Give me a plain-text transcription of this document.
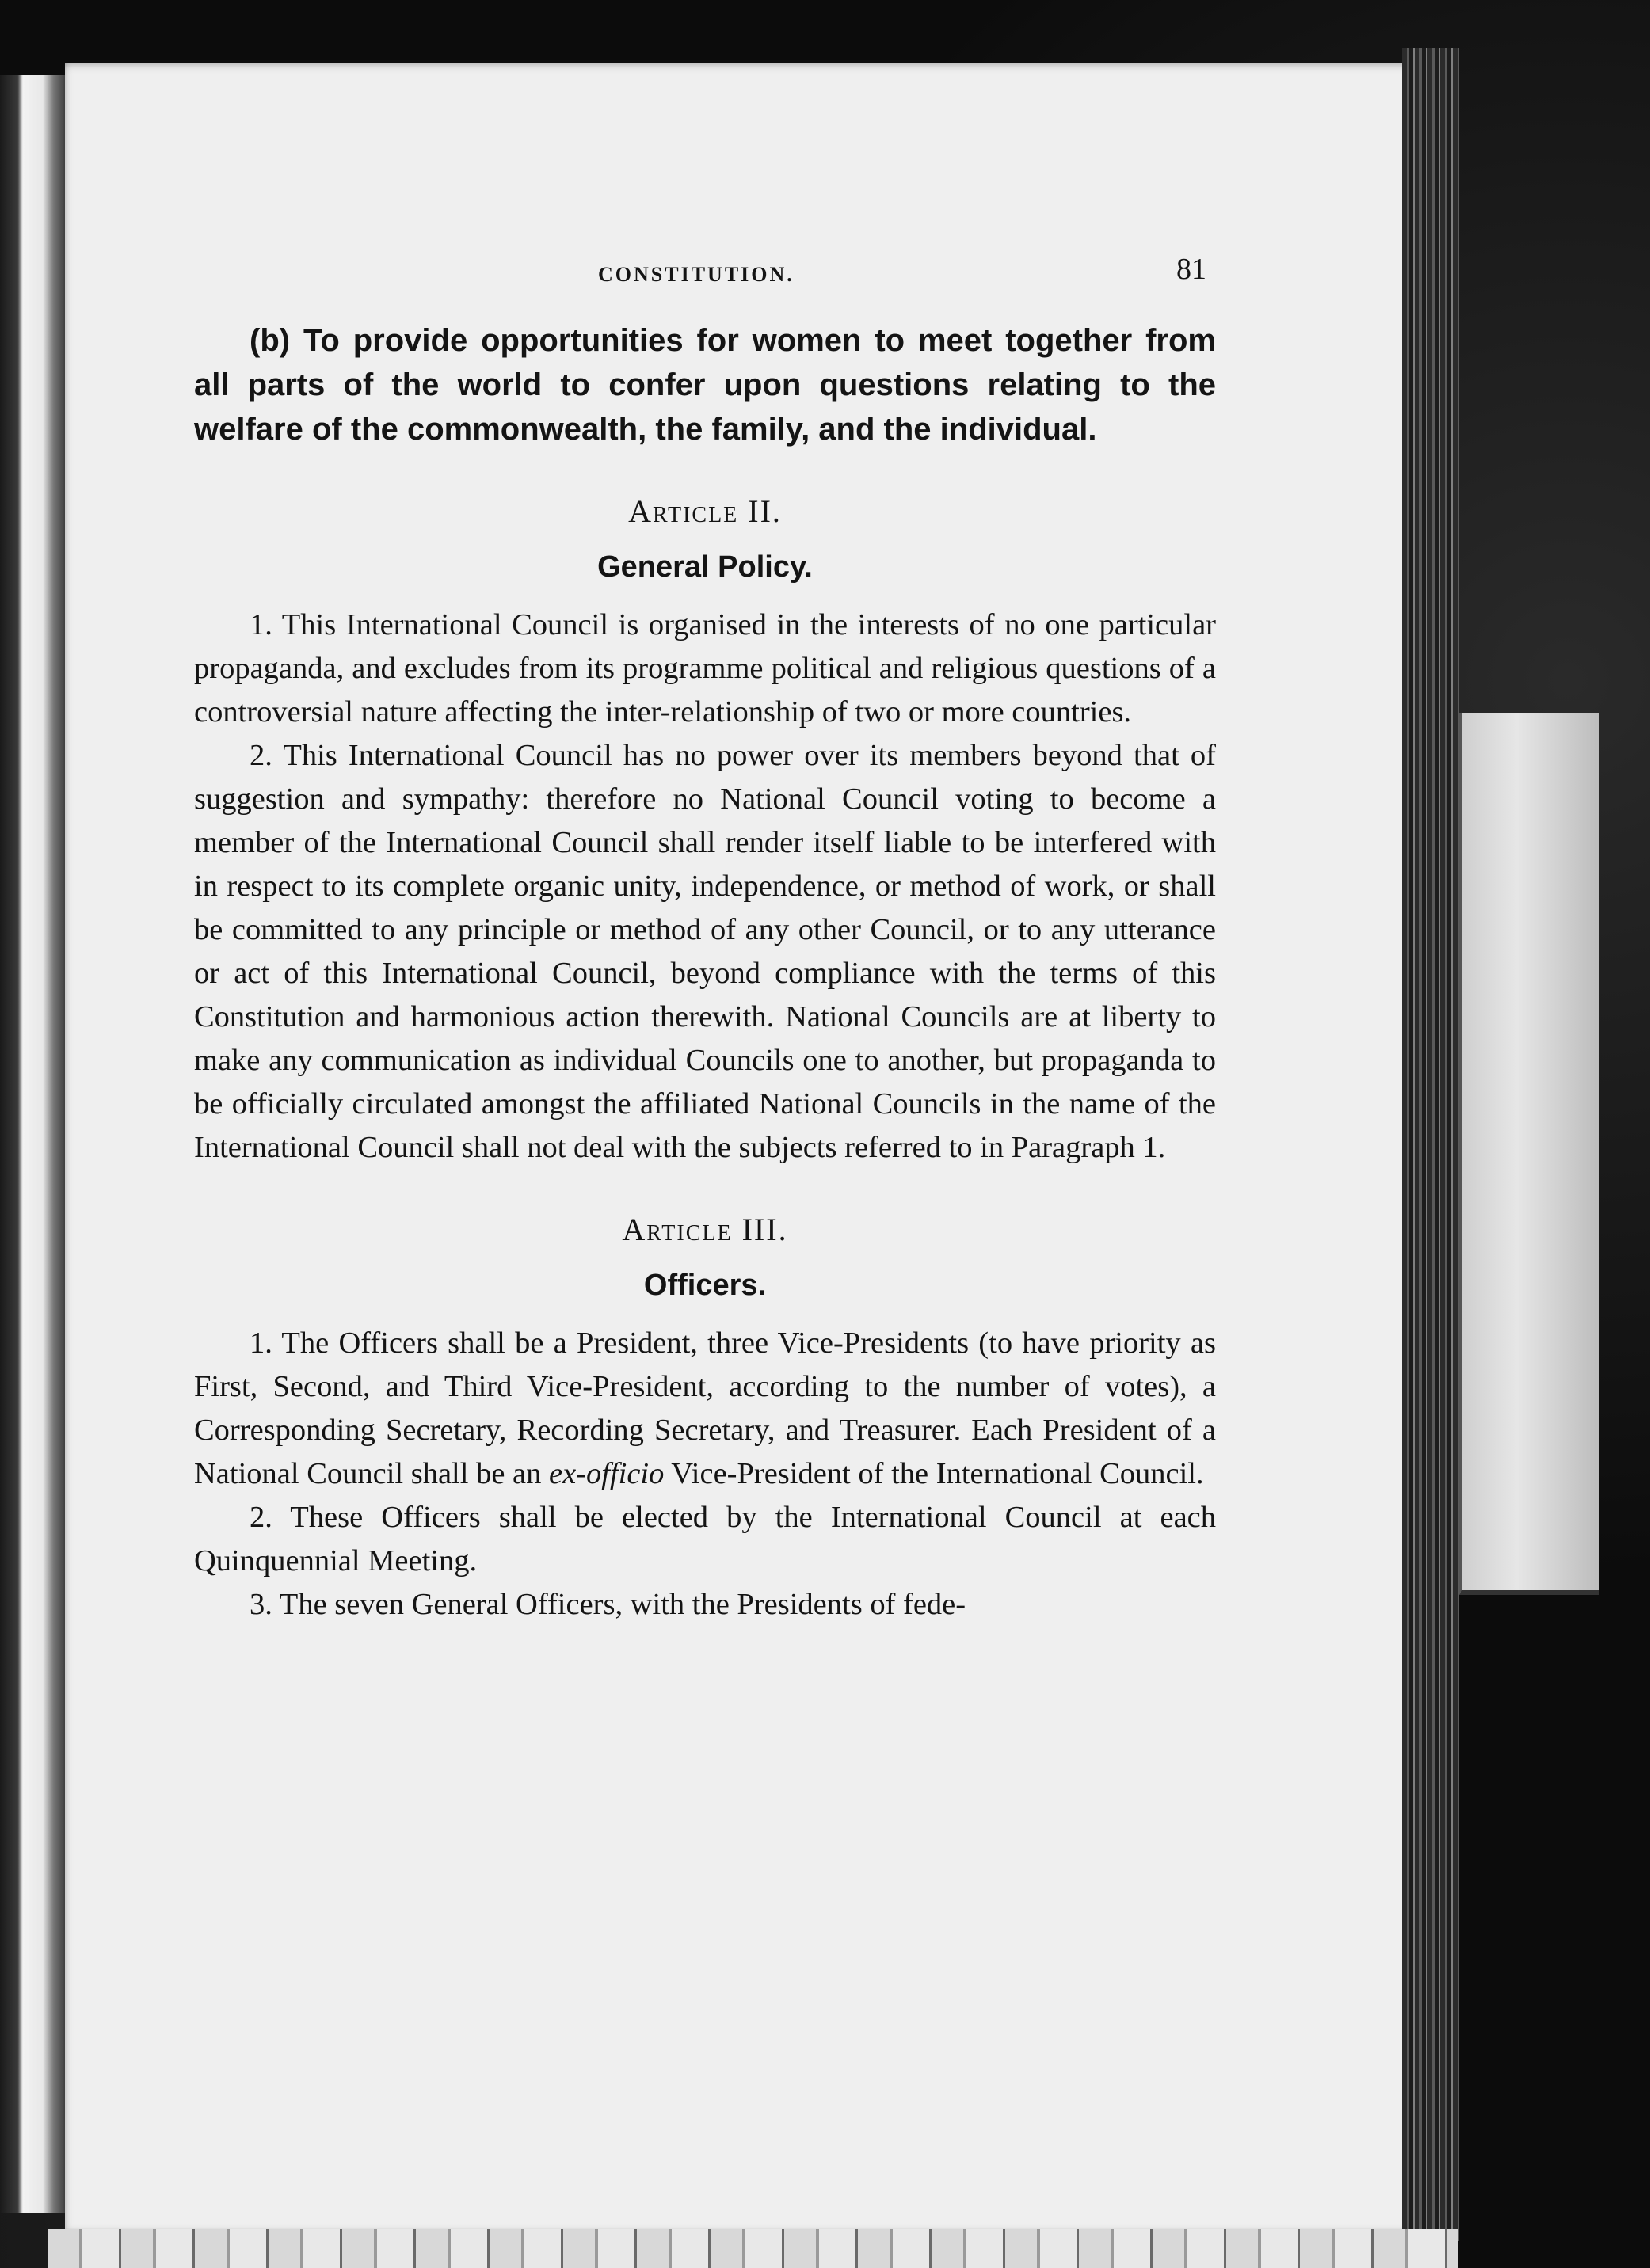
CONSTITUTION.	81

(b) To provide opportunities for women to meet together from all parts of the world to confer upon questions relating to the welfare of the commonwealth, the family, and the individual.

Article II.
General Policy.

1. This International Council is organised in the interests of no one particular propaganda, and excludes from its programme political and religious questions of a controversial nature affecting the inter-relationship of two or more countries.

2. This International Council has no power over its members beyond that of suggestion and sympathy: therefore no National Council voting to become a member of the International Council shall render itself liable to be interfered with in respect to its complete organic unity, independence, or method of work, or shall be committed to any principle or method of any other Council, or to any utterance or act of this International Council, beyond compliance with the terms of this Constitution and harmonious action therewith. National Councils are at liberty to make any communication as individual Councils one to another, but propaganda to be officially circulated amongst the affiliated National Councils in the name of the International Council shall not deal with the subjects referred to in Paragraph 1.

Article III.
Officers.

1. The Officers shall be a President, three Vice-Presidents (to have priority as First, Second, and Third Vice-President, according to the number of votes), a Corresponding Secretary, Recording Secretary, and Treasurer. Each President of a National Council shall be an ex-officio Vice-President of the International Council.

2. These Officers shall be elected by the International Council at each Quinquennial Meeting.

3. The seven General Officers, with the Presidents of fede-
